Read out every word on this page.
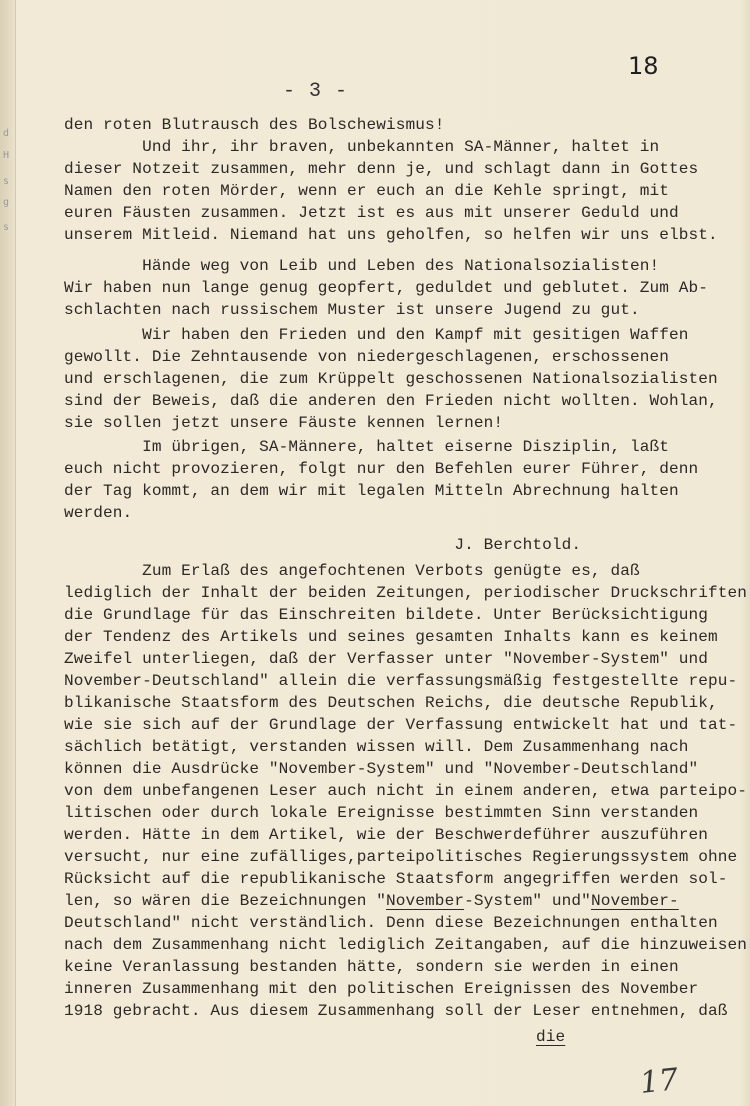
d
H
s
g
s
18
- 3 -
den roten Blutrausch des Bolschewismus!
Und ihr, ihr braven, unbekannten SA-Männer, haltet in
dieser Notzeit zusammen, mehr denn je, und schlagt dann in Gottes
Namen den roten Mörder, wenn er euch an die Kehle springt, mit
euren Fäusten zusammen. Jetzt ist es aus mit unserer Geduld und
unserem Mitleid. Niemand hat uns geholfen, so helfen wir uns elbst.
Hände weg von Leib und Leben des Nationalsozialisten!
Wir haben nun lange genug geopfert, geduldet und geblutet. Zum Ab-
schlachten nach russischem Muster ist unsere Jugend zu gut.
Wir haben den Frieden und den Kampf mit gesitigen Waffen
gewollt. Die Zehntausende von niedergeschlagenen, erschossenen
und erschlagenen, die zum Krüppelt geschossenen Nationalsozialisten
sind der Beweis, daß die anderen den Frieden nicht wollten. Wohlan,
sie sollen jetzt unsere Fäuste kennen lernen!
Im übrigen, SA-Männere, haltet eiserne Disziplin, laßt
euch nicht provozieren, folgt nur den Befehlen eurer Führer, denn
der Tag kommt, an dem wir mit legalen Mitteln Abrechnung halten
werden.
J. Berchtold.
Zum Erlaß des angefochtenen Verbots genügte es, daß
lediglich der Inhalt der beiden Zeitungen, periodischer Druckschriften
die Grundlage für das Einschreiten bildete. Unter Berücksichtigung
der Tendenz des Artikels und seines gesamten Inhalts kann es keinem
Zweifel unterliegen, daß der Verfasser unter "November-System" und
November-Deutschland" allein die verfassungsmäßig festgestellte repu-
blikanische Staatsform des Deutschen Reichs, die deutsche Republik,
wie sie sich auf der Grundlage der Verfassung entwickelt hat und tat-
sächlich betätigt, verstanden wissen will. Dem Zusammenhang nach
können die Ausdrücke "November-System" und "November-Deutschland"
von dem unbefangenen Leser auch nicht in einem anderen, etwa parteipo-
litischen oder durch lokale Ereignisse bestimmten Sinn verstanden
werden. Hätte in dem Artikel, wie der Beschwerdeführer auszuführen
versucht, nur eine zufälliges,parteipolitisches Regierungssystem ohne
Rücksicht auf die republikanische Staatsform angegriffen werden sol-
len, so wären die Bezeichnungen "November-System" und"November-
Deutschland" nicht verständlich. Denn diese Bezeichnungen enthalten
nach dem Zusammenhang nicht lediglich Zeitangaben, auf die hinzuweisen
keine Veranlassung bestanden hätte, sondern sie werden in einen
inneren Zusammenhang mit den politischen Ereignissen des November
1918 gebracht. Aus diesem Zusammenhang soll der Leser entnehmen, daß
die
17
